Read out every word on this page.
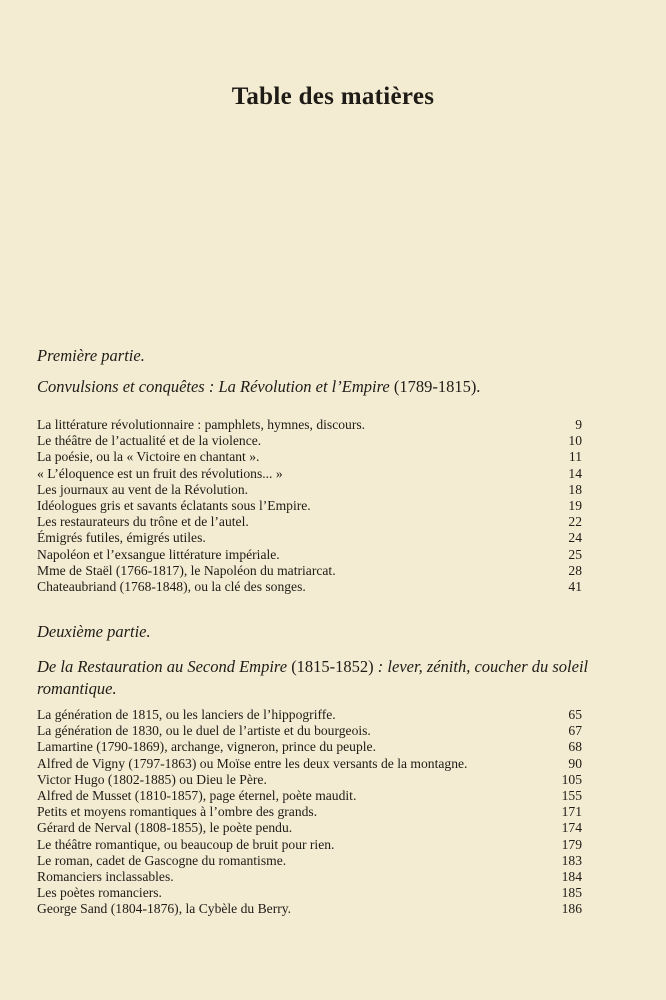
Table des matières
Première partie.
Convulsions et conquêtes : La Révolution et l’Empire (1789-1815).
La littérature révolutionnaire : pamphlets, hymnes, discours.	9
Le théâtre de l’actualité et de la violence.	10
La poésie, ou la « Victoire en chantant ».	11
« L’éloquence est un fruit des révolutions... »	14
Les journaux au vent de la Révolution.	18
Idéologues gris et savants éclatants sous l’Empire.	19
Les restaurateurs du trône et de l’autel.	22
Émigrés futiles, émigrés utiles.	24
Napoléon et l’exsangue littérature impériale.	25
Mme de Staël (1766-1817), le Napoléon du matriarcat.	28
Chateaubriand (1768-1848), ou la clé des songes.	41
Deuxième partie.
De la Restauration au Second Empire (1815-1852) : lever, zénith, coucher du soleil romantique.
La génération de 1815, ou les lanciers de l’hippogriffe.	65
La génération de 1830, ou le duel de l’artiste et du bourgeois.	67
Lamartine (1790-1869), archange, vigneron, prince du peuple.	68
Alfred de Vigny (1797-1863) ou Moïse entre les deux versants de la montagne.	90
Victor Hugo (1802-1885) ou Dieu le Père.	105
Alfred de Musset (1810-1857), page éternel, poète maudit.	155
Petits et moyens romantiques à l’ombre des grands.	171
Gérard de Nerval (1808-1855), le poète pendu.	174
Le théâtre romantique, ou beaucoup de bruit pour rien.	179
Le roman, cadet de Gascogne du romantisme.	183
Romanciers inclassables.	184
Les poètes romanciers.	185
George Sand (1804-1876), la Cybèle du Berry.	186
